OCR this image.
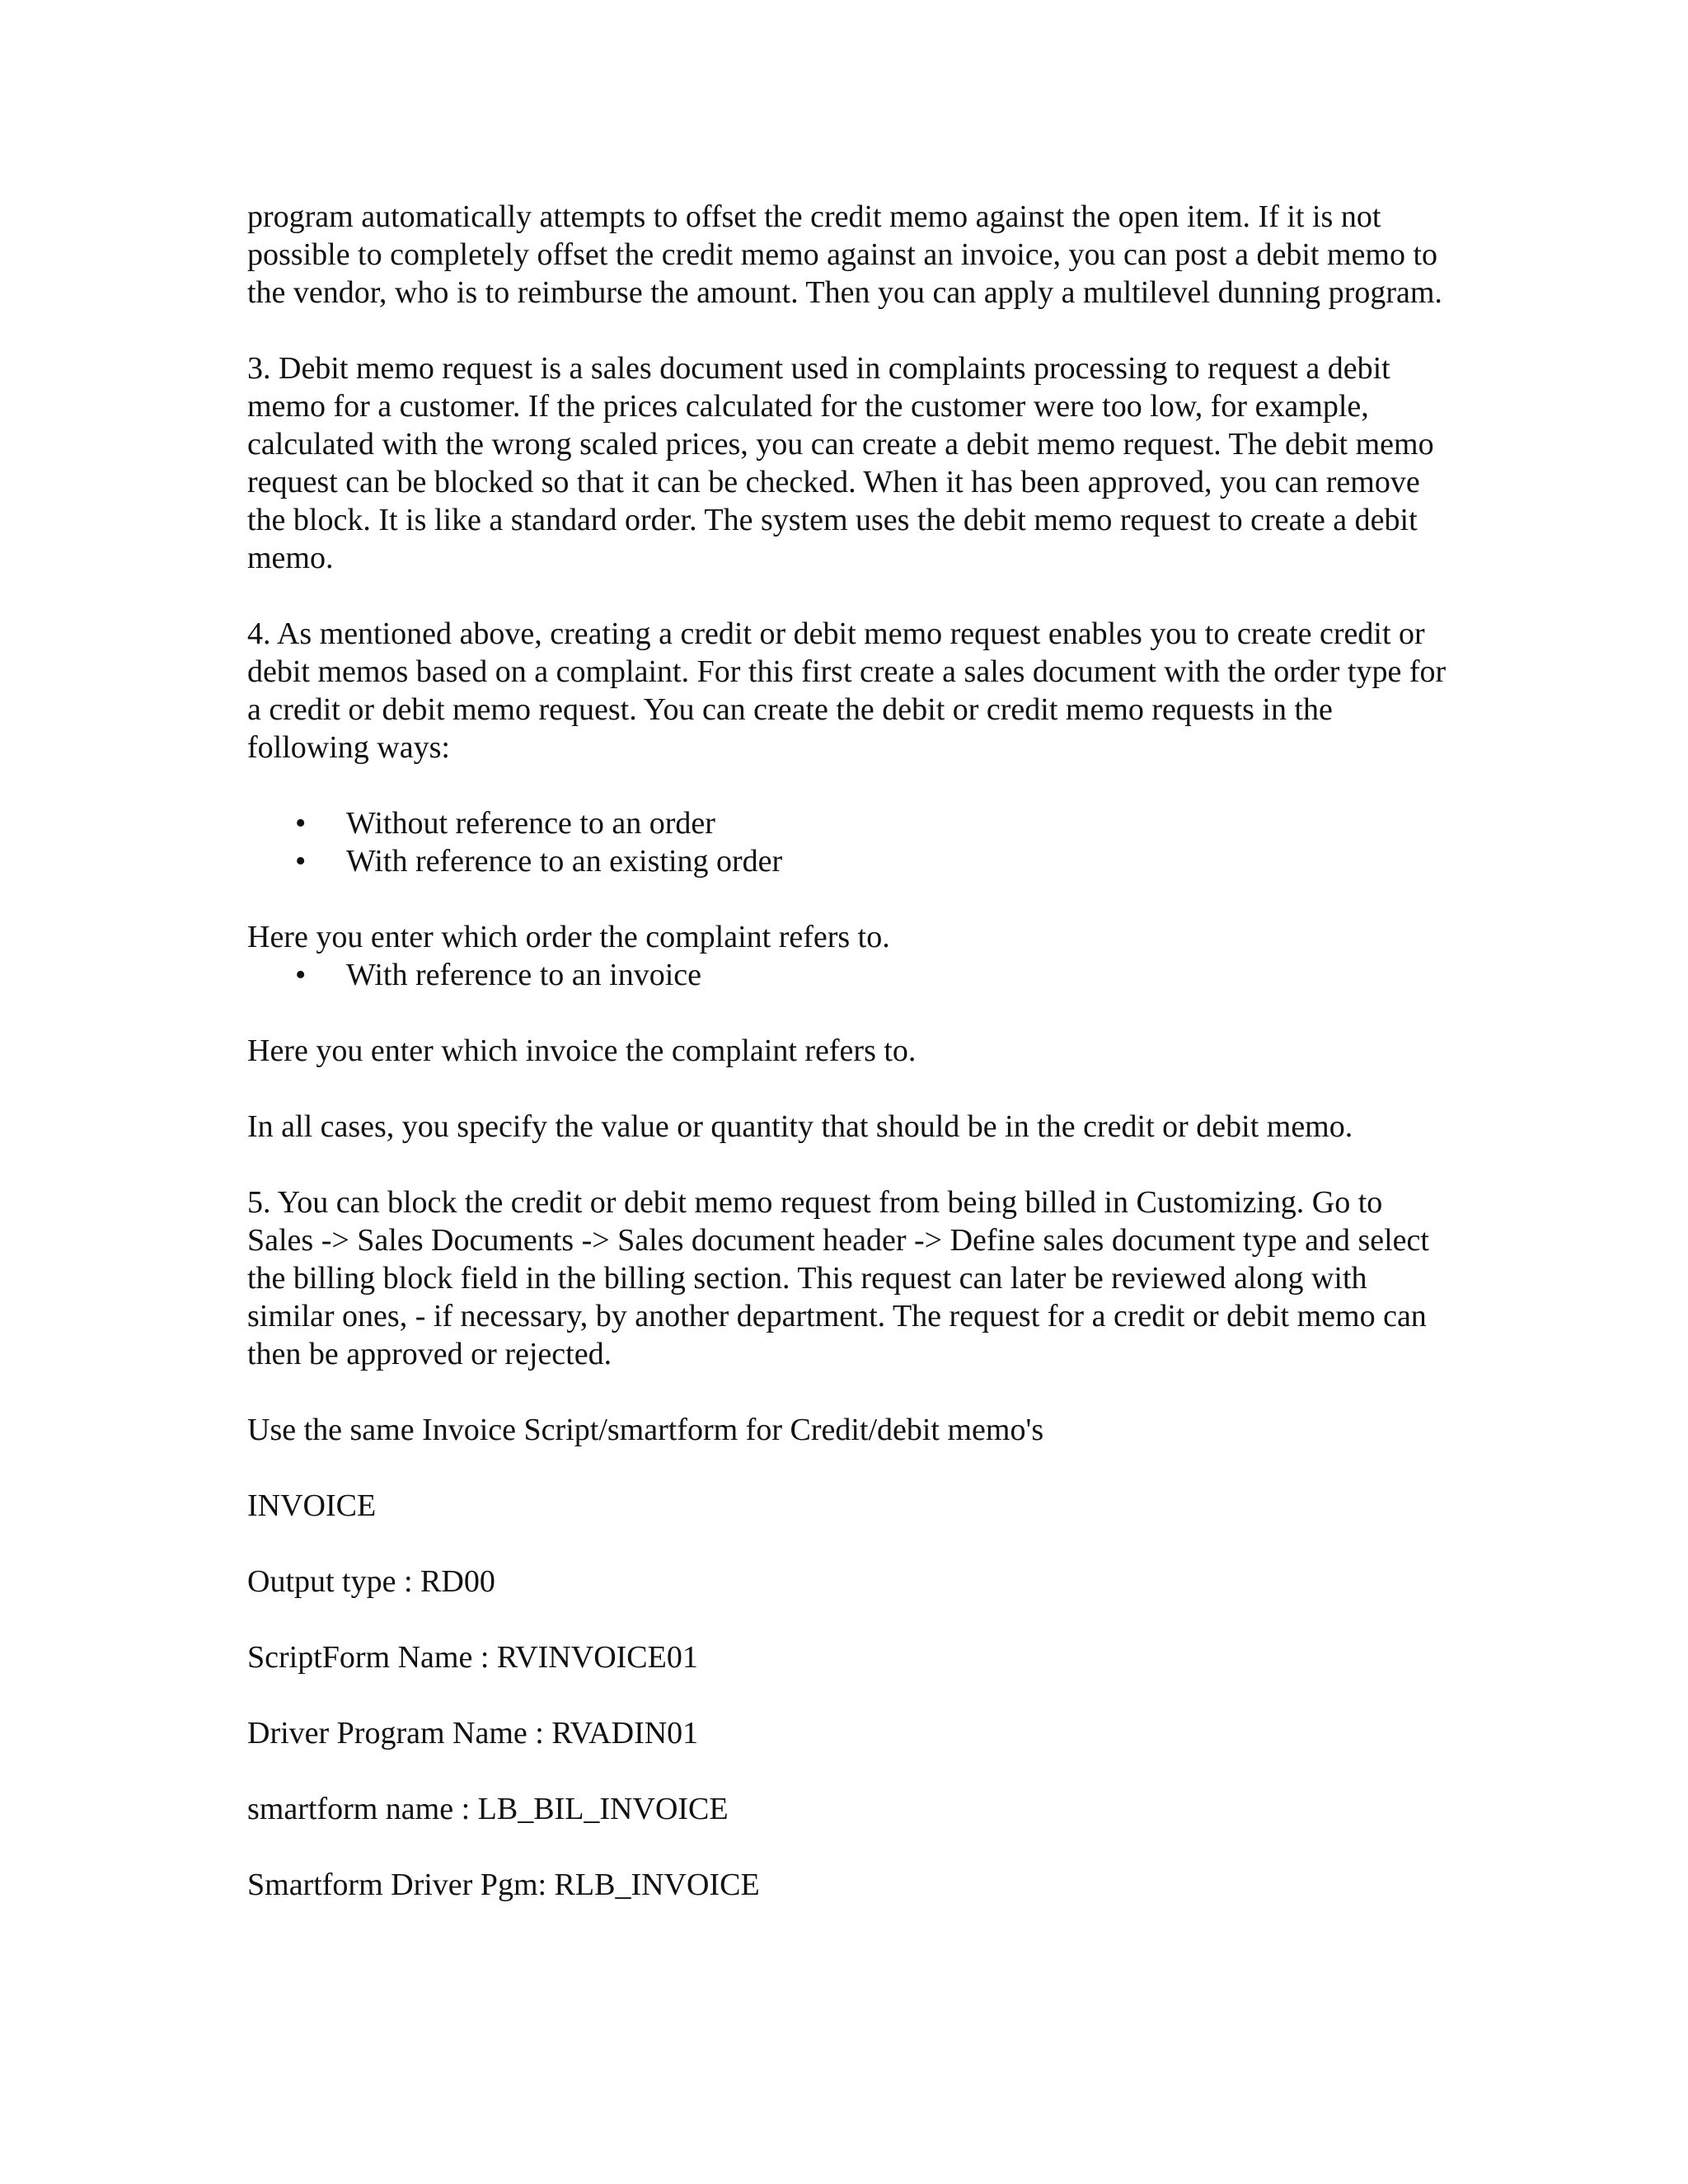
program automatically attempts to offset the credit memo against the open item. If it is not possible to completely offset the credit memo against an invoice, you can post a debit memo to the vendor, who is to reimburse the amount. Then you can apply a multilevel dunning program.

3. Debit memo request is a sales document used in complaints processing to request a debit memo for a customer. If the prices calculated for the customer were too low, for example, calculated with the wrong scaled prices, you can create a debit memo request. The debit memo request can be blocked so that it can be checked. When it has been approved, you can remove the block. It is like a standard order. The system uses the debit memo request to create a debit memo.

4. As mentioned above, creating a credit or debit memo request enables you to create credit or debit memos based on a complaint. For this first create a sales document with the order type for a credit or debit memo request. You can create the debit or credit memo requests in the following ways:

• Without reference to an order
• With reference to an existing order

Here you enter which order the complaint refers to.

• With reference to an invoice

Here you enter which invoice the complaint refers to.

In all cases, you specify the value or quantity that should be in the credit or debit memo.

5. You can block the credit or debit memo request from being billed in Customizing. Go to Sales -> Sales Documents -> Sales document header -> Define sales document type and select the billing block field in the billing section. This request can later be reviewed along with similar ones, - if necessary, by another department. The request for a credit or debit memo can then be approved or rejected.

Use the same Invoice Script/smartform for Credit/debit memo's

INVOICE

Output type : RD00

ScriptForm Name : RVINVOICE01

Driver Program Name : RVADIN01

smartform name : LB_BIL_INVOICE

Smartform Driver Pgm: RLB_INVOICE
